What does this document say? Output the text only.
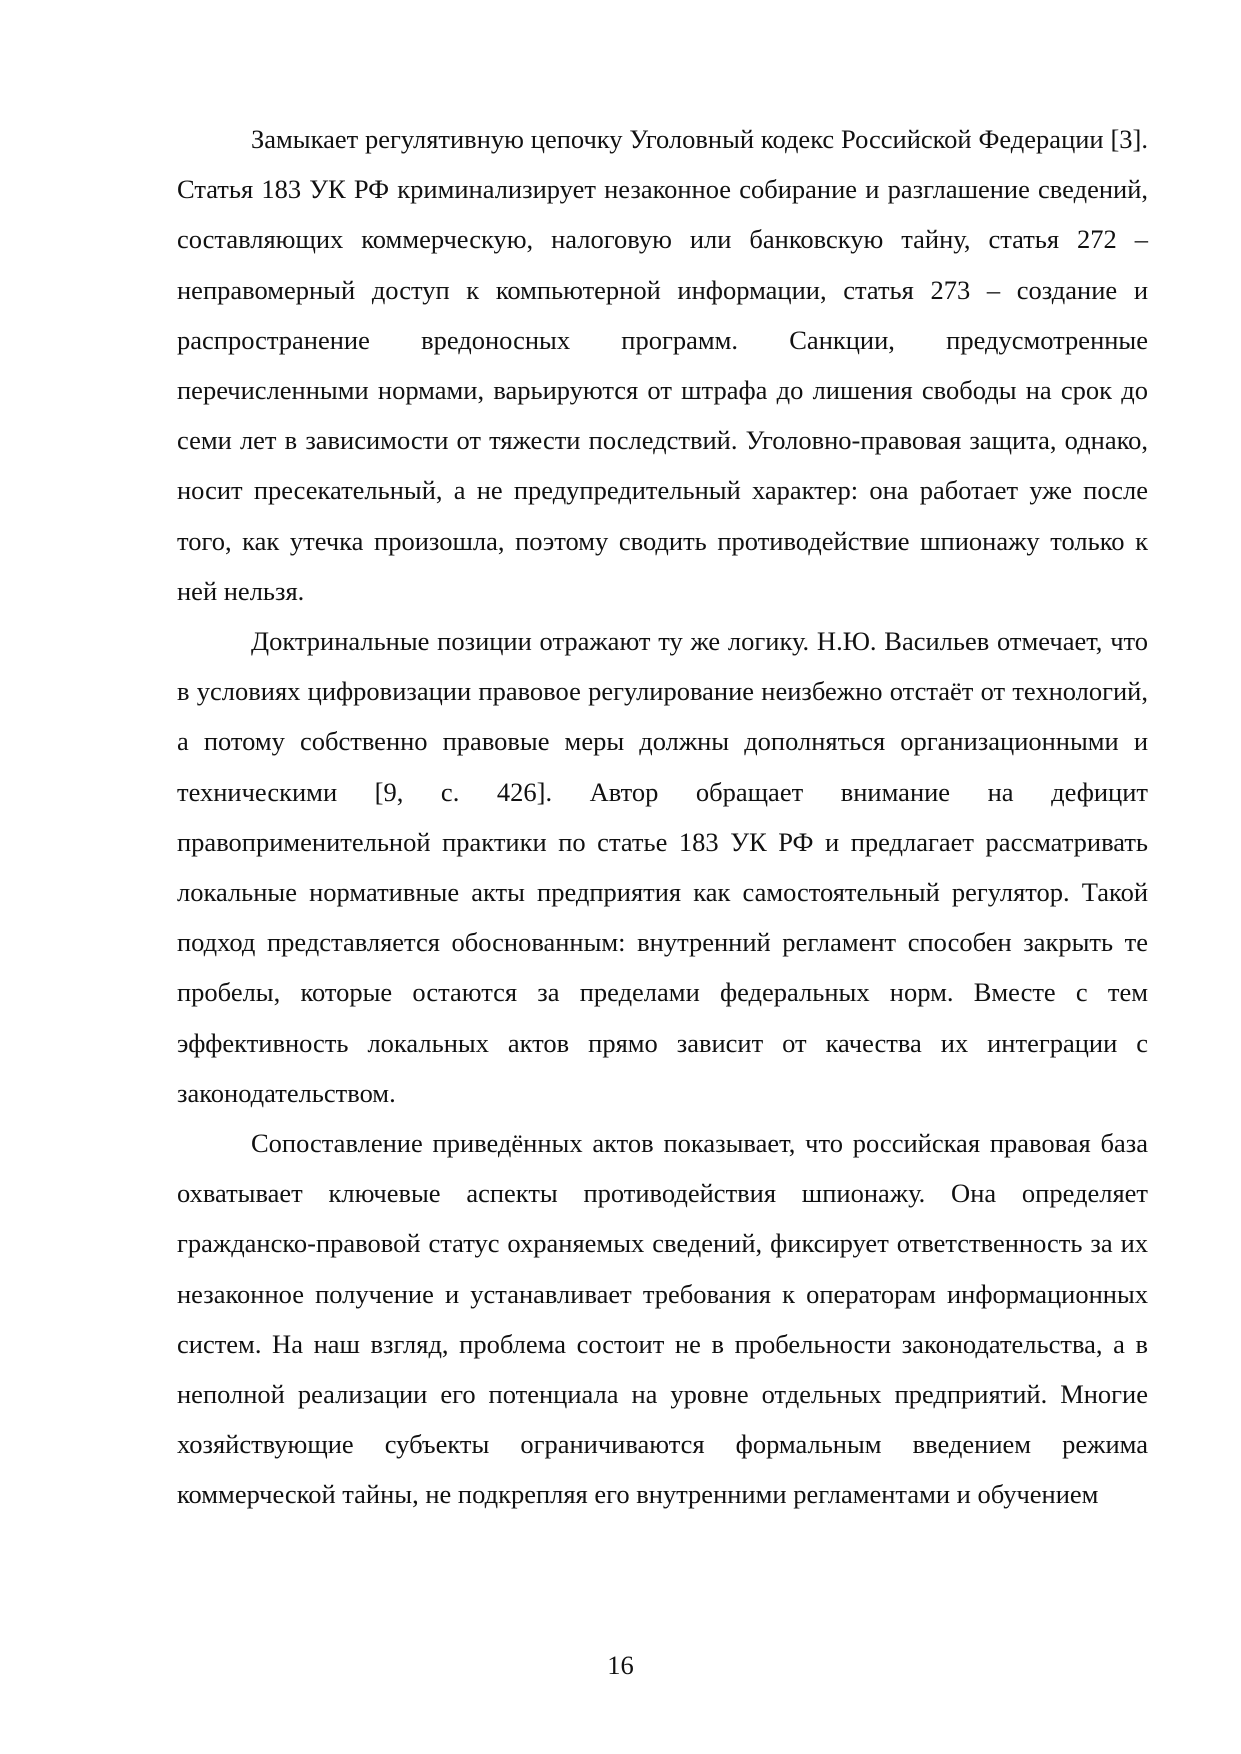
Замыкает регулятивную цепочку Уголовный кодекс Российской Федерации [3]. Статья 183 УК РФ криминализирует незаконное собирание и разглашение сведений, составляющих коммерческую, налоговую или банковскую тайну, статья 272 – неправомерный доступ к компьютерной информации, статья 273 – создание и распространение вредоносных программ. Санкции, предусмотренные перечисленными нормами, варьируются от штрафа до лишения свободы на срок до семи лет в зависимости от тяжести последствий. Уголовно-правовая защита, однако, носит пресекательный, а не предупредительный характер: она работает уже после того, как утечка произошла, поэтому сводить противодействие шпионажу только к ней нельзя.

Доктринальные позиции отражают ту же логику. Н.Ю. Васильев отмечает, что в условиях цифровизации правовое регулирование неизбежно отстаёт от технологий, а потому собственно правовые меры должны дополняться организационными и техническими [9, с. 426]. Автор обращает внимание на дефицит правоприменительной практики по статье 183 УК РФ и предлагает рассматривать локальные нормативные акты предприятия как самостоятельный регулятор. Такой подход представляется обоснованным: внутренний регламент способен закрыть те пробелы, которые остаются за пределами федеральных норм. Вместе с тем эффективность локальных актов прямо зависит от качества их интеграции с законодательством.

Сопоставление приведённых актов показывает, что российская правовая база охватывает ключевые аспекты противодействия шпионажу. Она определяет гражданско-правовой статус охраняемых сведений, фиксирует ответственность за их незаконное получение и устанавливает требования к операторам информационных систем. На наш взгляд, проблема состоит не в пробельности законодательства, а в неполной реализации его потенциала на уровне отдельных предприятий. Многие хозяйствующие субъекты ограничиваются формальным введением режима коммерческой тайны, не подкрепляя его внутренними регламентами и обучением

16
